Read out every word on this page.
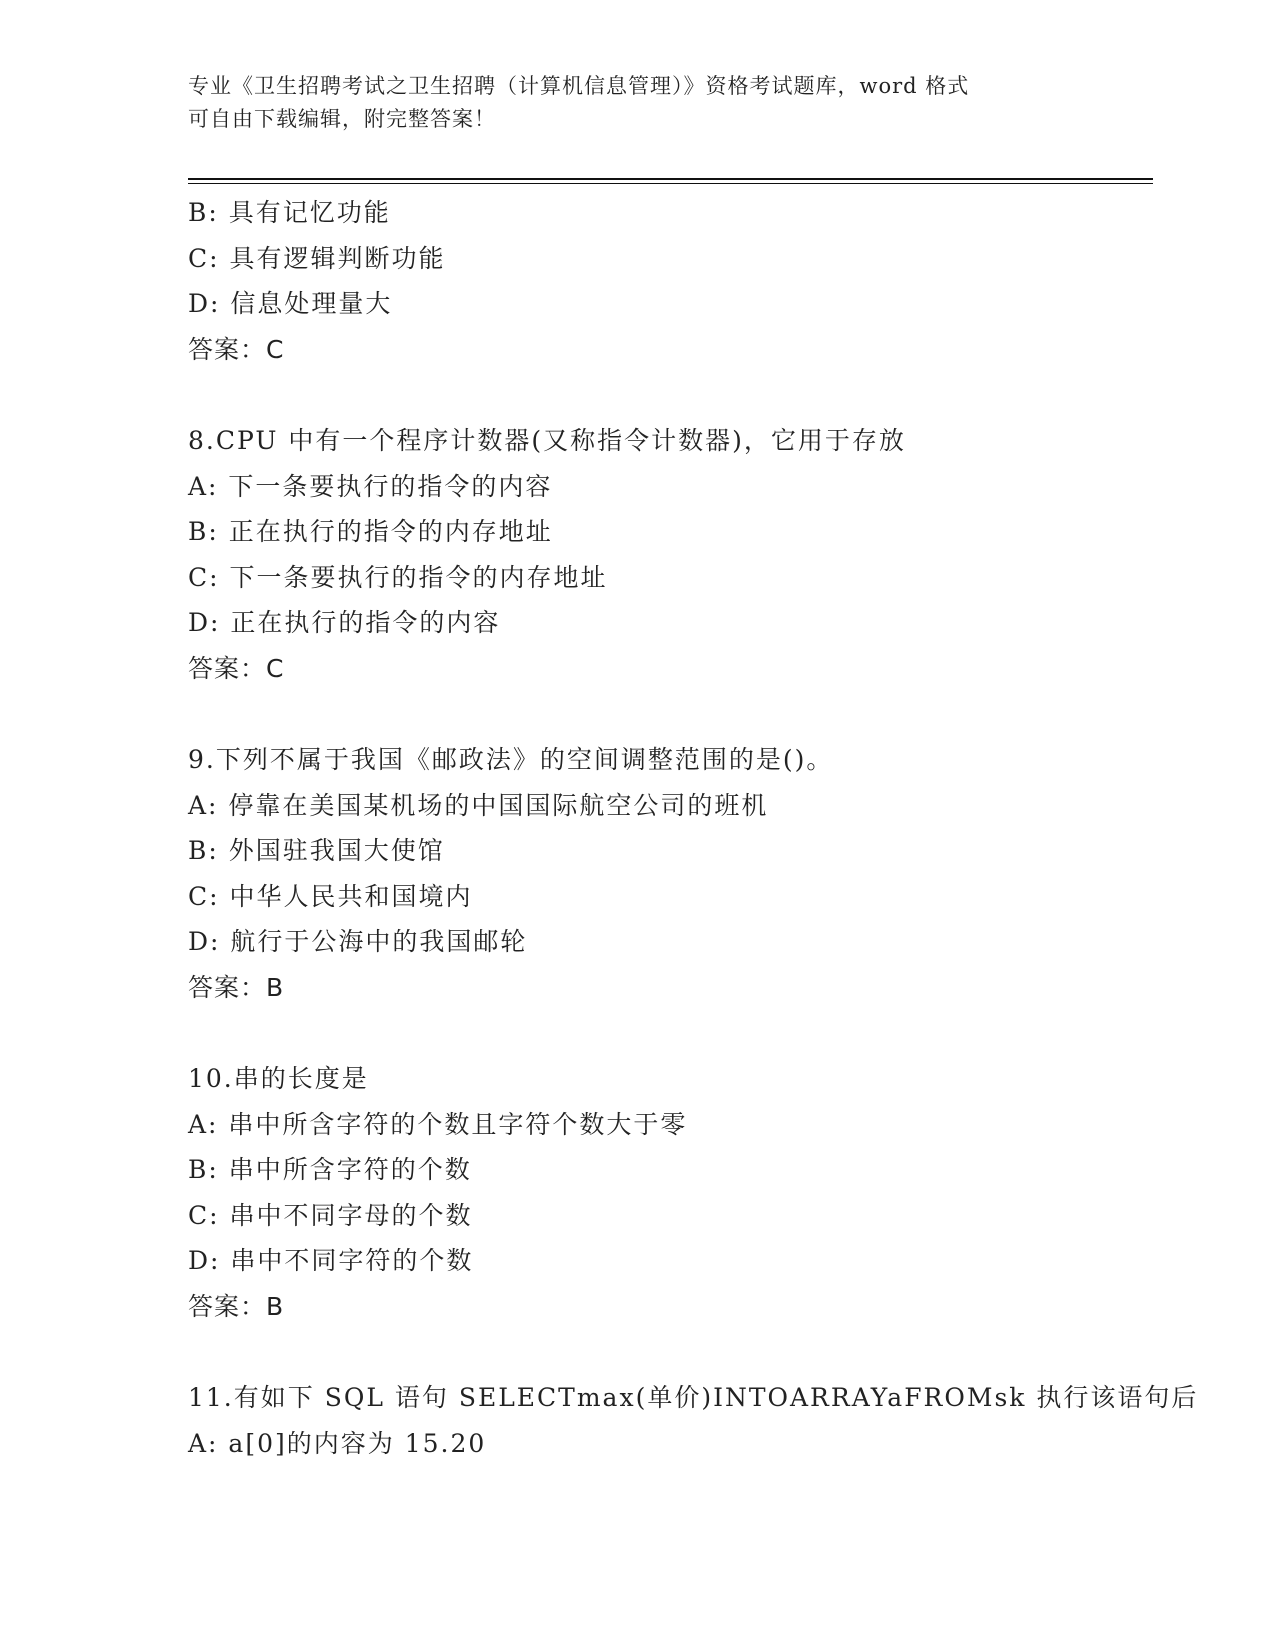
专业《卫生招聘考试之卫生招聘（计算机信息管理）》资格考试题库，word 格式
可自由下载编辑，附完整答案！
B: 具有记忆功能
C: 具有逻辑判断功能
D: 信息处理量大
答案：C
8.CPU 中有一个程序计数器(又称指令计数器)，它用于存放
A: 下一条要执行的指令的内容
B: 正在执行的指令的内存地址
C: 下一条要执行的指令的内存地址
D: 正在执行的指令的内容
答案：C
9.下列不属于我国《邮政法》的空间调整范围的是()。
A: 停靠在美国某机场的中国国际航空公司的班机
B: 外国驻我国大使馆
C: 中华人民共和国境内
D: 航行于公海中的我国邮轮
答案：B
10.串的长度是
A: 串中所含字符的个数且字符个数大于零
B: 串中所含字符的个数
C: 串中不同字母的个数
D: 串中不同字符的个数
答案：B
11.有如下 SQL 语句 SELECTmax(单价)INTOARRAYaFROMsk 执行该语句后
A: a[0]的内容为 15.20
